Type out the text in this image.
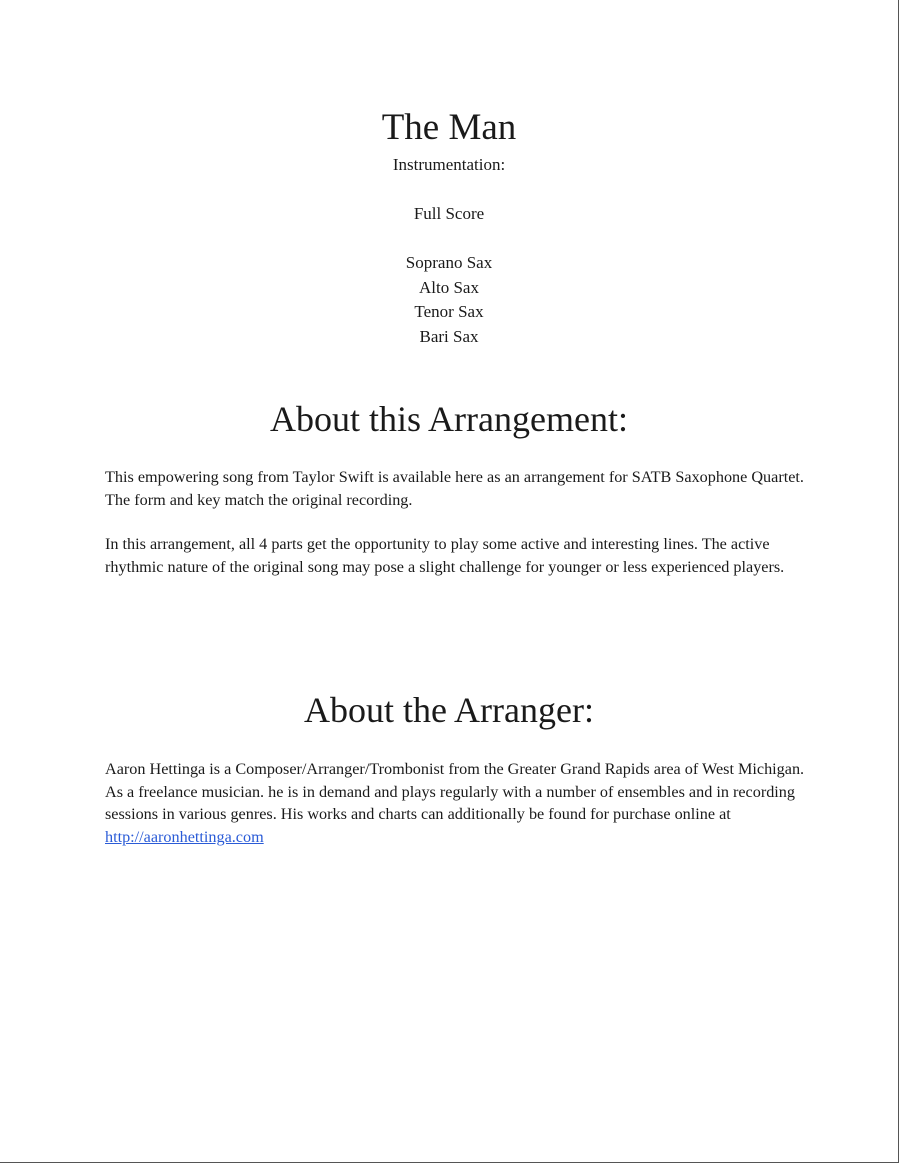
The Man
Instrumentation:
Full Score
Soprano Sax
Alto Sax
Tenor Sax
Bari Sax
About this Arrangement:

This empowering song from Taylor Swift is available here as an arrangement for SATB Saxophone Quartet. The form and key match the original recording.

In this arrangement, all 4 parts get the opportunity to play some active and interesting lines. The active rhythmic nature of the original song may pose a slight challenge for younger or less experienced players.

About the Arranger:

Aaron Hettinga is a Composer/Arranger/Trombonist from the Greater Grand Rapids area of West Michigan. As a freelance musician. he is in demand and plays regularly with a number of ensembles and in recording sessions in various genres. His works and charts can additionally be found for purchase online at http://aaronhettinga.com
